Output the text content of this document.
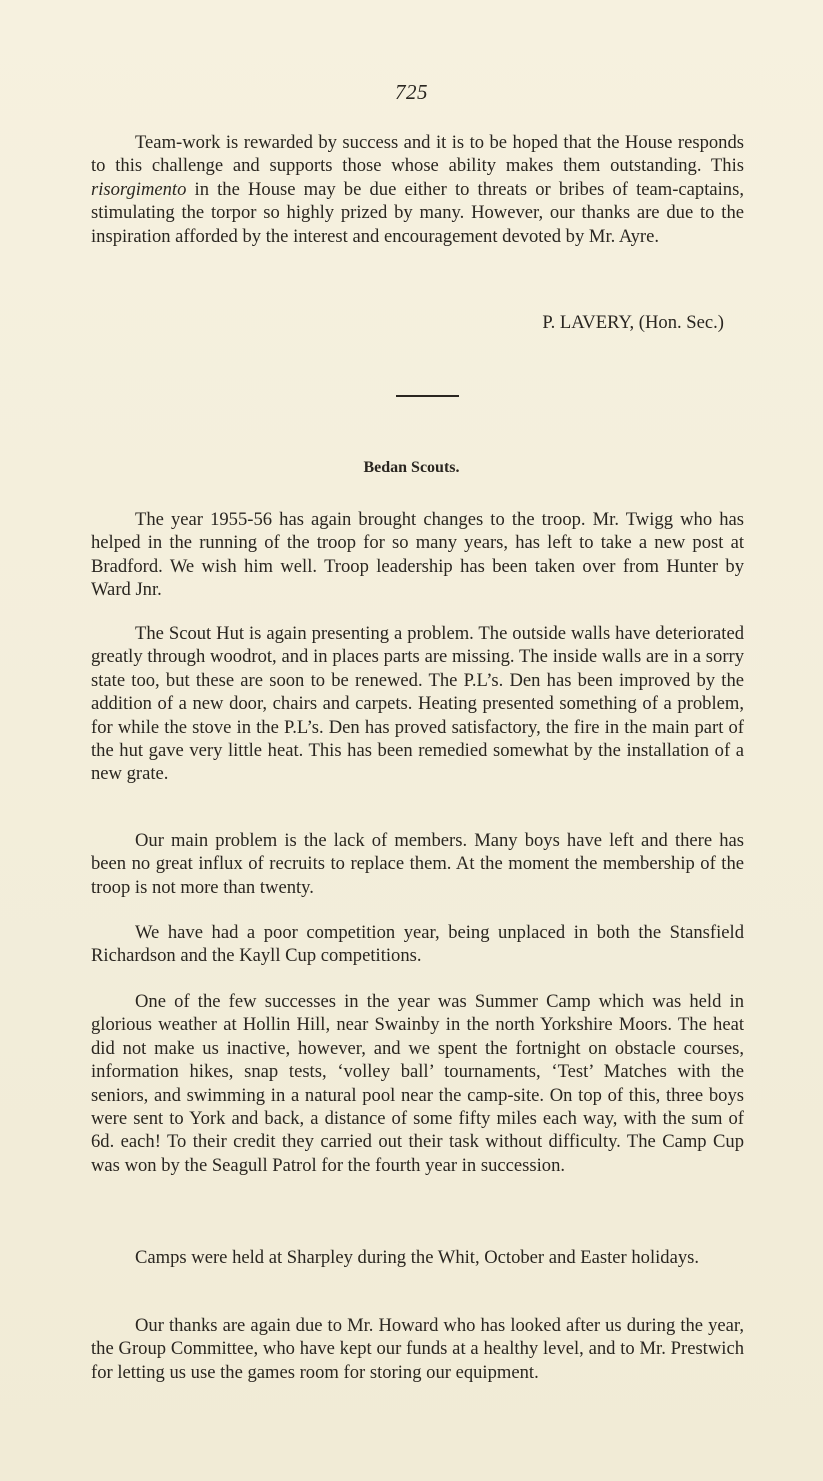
725

Team-work is rewarded by success and it is to be hoped that the House responds to this challenge and supports those whose ability makes them outstanding. This risorgimento in the House may be due either to threats or bribes of team-captains, stimulating the torpor so highly prized by many. However, our thanks are due to the inspiration afforded by the interest and encouragement devoted by Mr. Ayre.

P. LAVERY, (Hon. Sec.)
Bedan Scouts.

The year 1955-56 has again brought changes to the troop. Mr. Twigg who has helped in the running of the troop for so many years, has left to take a new post at Bradford. We wish him well. Troop leadership has been taken over from Hunter by Ward Jnr.

The Scout Hut is again presenting a problem. The outside walls have deteriorated greatly through woodrot, and in places parts are missing. The inside walls are in a sorry state too, but these are soon to be renewed. The P.L’s. Den has been improved by the addition of a new door, chairs and carpets. Heating presented something of a problem, for while the stove in the P.L’s. Den has proved satisfactory, the fire in the main part of the hut gave very little heat. This has been remedied somewhat by the installation of a new grate.

Our main problem is the lack of members. Many boys have left and there has been no great influx of recruits to replace them. At the moment the membership of the troop is not more than twenty.

We have had a poor competition year, being unplaced in both the Stansfield Richardson and the Kayll Cup competitions.

One of the few successes in the year was Summer Camp which was held in glorious weather at Hollin Hill, near Swainby in the north Yorkshire Moors. The heat did not make us inactive, however, and we spent the fortnight on obstacle courses, information hikes, snap tests, ‘volley ball’ tournaments, ‘Test’ Matches with the seniors, and swimming in a natural pool near the camp-site. On top of this, three boys were sent to York and back, a distance of some fifty miles each way, with the sum of 6d. each! To their credit they carried out their task without difficulty. The Camp Cup was won by the Seagull Patrol for the fourth year in succession.

Camps were held at Sharpley during the Whit, October and Easter holidays.

Our thanks are again due to Mr. Howard who has looked after us during the year, the Group Committee, who have kept our funds at a healthy level, and to Mr. Prestwich for letting us use the games room for storing our equipment.
